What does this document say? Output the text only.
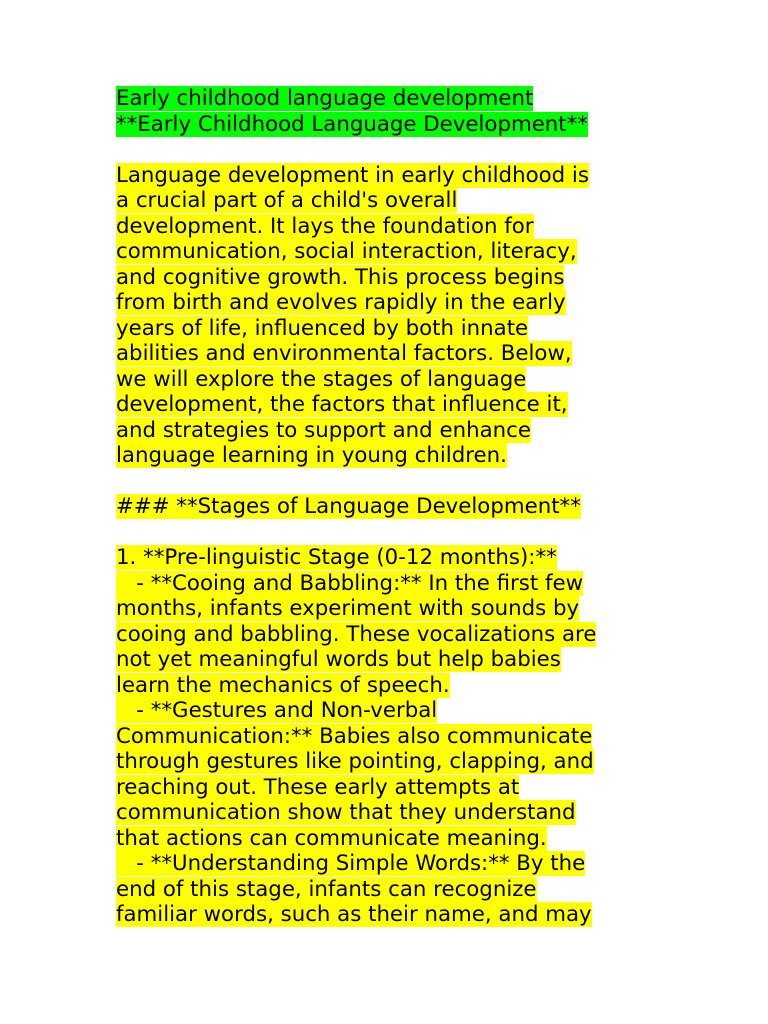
Early childhood language development
**Early Childhood Language Development**
Language development in early childhood is
a crucial part of a child's overall
development. It lays the foundation for
communication, social interaction, literacy,
and cognitive growth. This process begins
from birth and evolves rapidly in the early
years of life, influenced by both innate
abilities and environmental factors. Below,
we will explore the stages of language
development, the factors that influence it,
and strategies to support and enhance
language learning in young children.
### **Stages of Language Development**
1. **Pre-linguistic Stage (0-12 months):**
- **Cooing and Babbling:** In the first few
months, infants experiment with sounds by
cooing and babbling. These vocalizations are
not yet meaningful words but help babies
learn the mechanics of speech.
- **Gestures and Non-verbal
Communication:** Babies also communicate
through gestures like pointing, clapping, and
reaching out. These early attempts at
communication show that they understand
that actions can communicate meaning.
- **Understanding Simple Words:** By the
end of this stage, infants can recognize
familiar words, such as their name, and may
